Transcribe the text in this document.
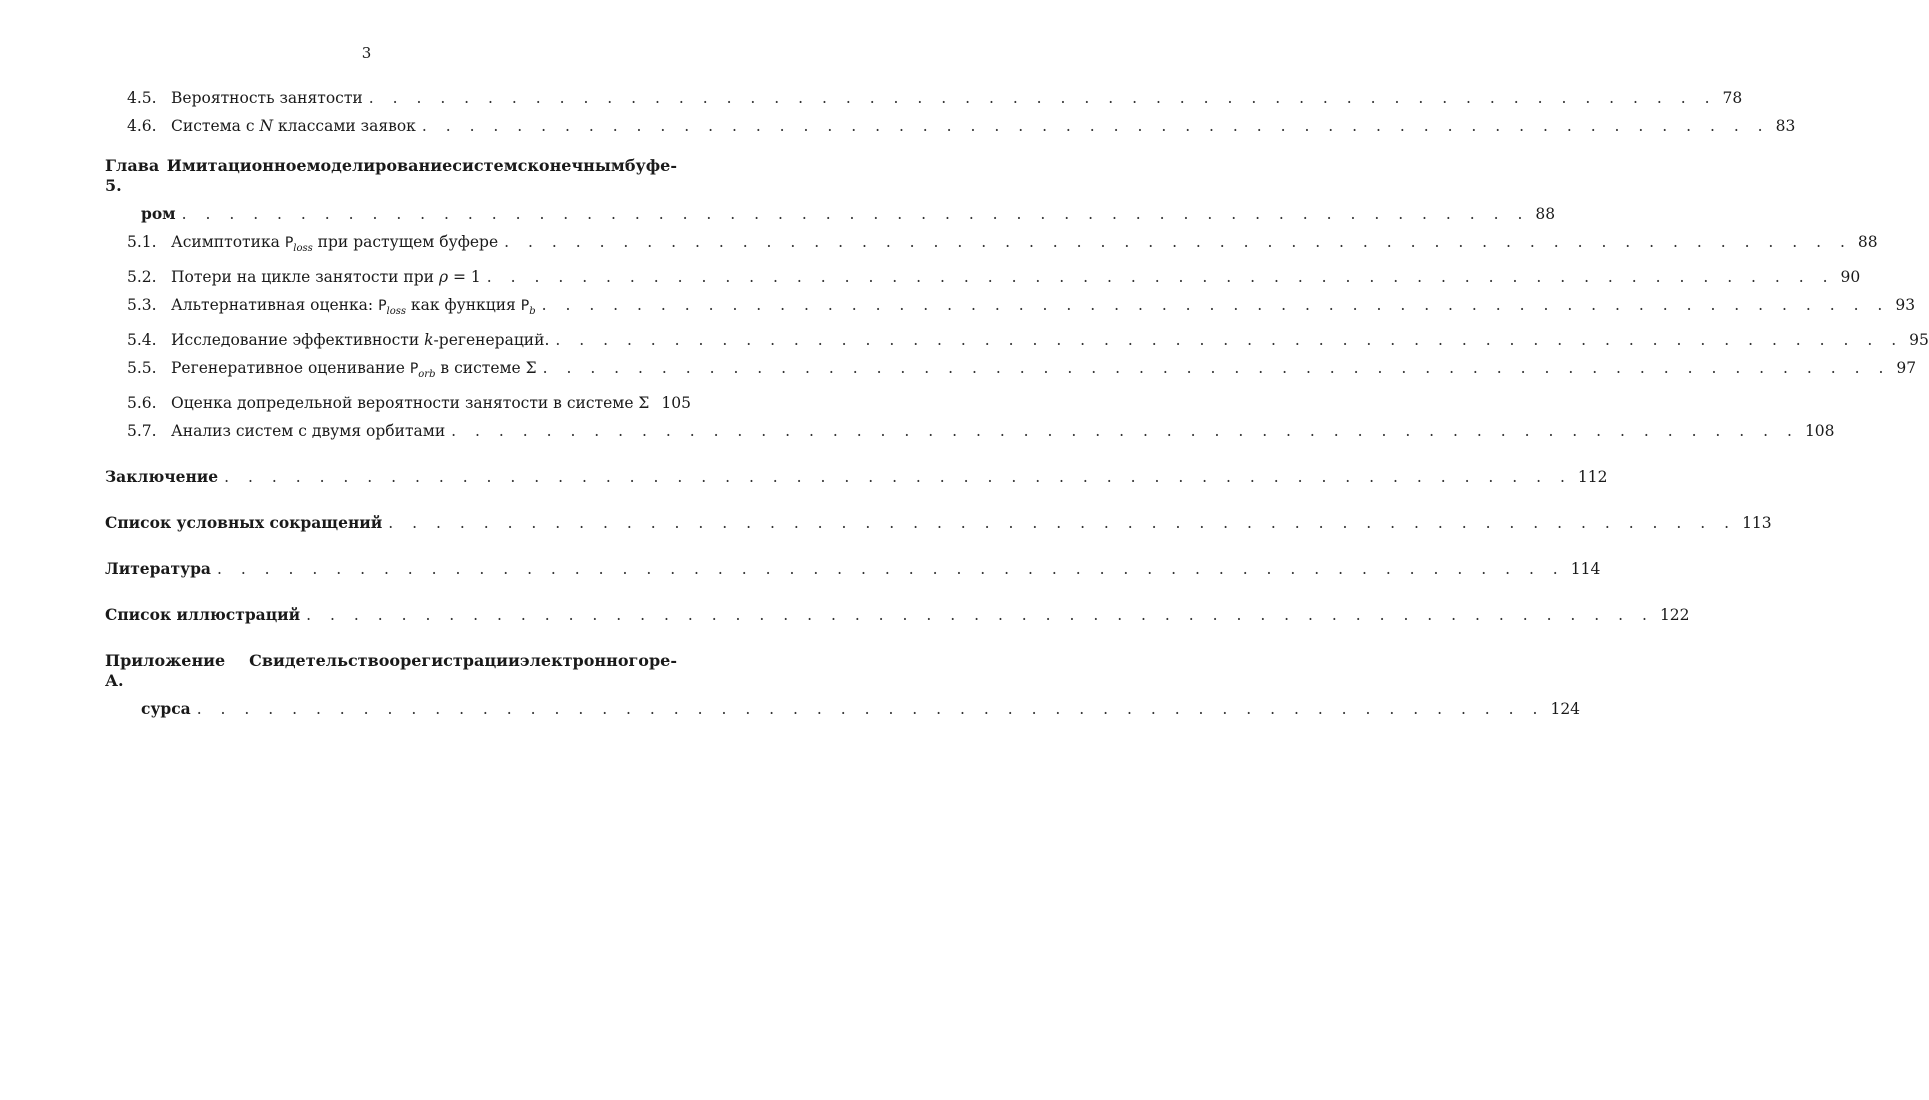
3
4.5. Вероятность занятости . . . . . . . . . . . . . . . . . . . . . . . . . . . . . . . . . . . . . . . . . . . . . . . . . . . . . . . . . 78
4.6. Система с N классами заявок . . . . . . . . . . . . . . . . . . . . . . . . . . . . . . . . . . . . . . . . . . . . . . . . . . . . . . . . . 83
Глава 5.
Имитационное моделирование систем с конечным буфе-
ром . . . . . . . . . . . . . . . . . . . . . . . . . . . . . . . . . . . . . . . . . . . . . . . . . . . . . . . . . 88
5.1. Асимптотика $P_{loss}$ при растущем буфере . . . . . . . . . . . . . . . . . . . . . . . . . . . . . . . . . . . . . . . . . . . . . . . . . . . . . . . . . 88
5.2. Потери на цикле занятости при ρ = 1 . . . . . . . . . . . . . . . . . . . . . . . . . . . . . . . . . . . . . . . . . . . . . . . . . . . . . . . . . 90
5.3. Альтернативная оценка: $P_{loss}$ как функция $P_b$ . . . . . . . . . . . . . . . . . . . . . . . . . . . . . . . . . . . . . . . . . . . . . . . . . . . . . . . . . 93
5.4. Исследование эффективности k-регенераций. . . . . . . . . . . . . . . . . . . . . . . . . . . . . . . . . . . . . . . . . . . . . . . . . . . . . . . . . . 95
5.5. Регенеративное оценивание $P_{orb}$ в системе Σ . . . . . . . . . . . . . . . . . . . . . . . . . . . . . . . . . . . . . . . . . . . . . . . . . . . . . . . . . 97
5.6. Оценка допредельной вероятности занятости в системе Σ 105
5.7. Анализ систем с двумя орбитами . . . . . . . . . . . . . . . . . . . . . . . . . . . . . . . . . . . . . . . . . . . . . . . . . . . . . . . . . 108
Заключение . . . . . . . . . . . . . . . . . . . . . . . . . . . . . . . . . . . . . . . . . . . . . . . . . . . . . . . . . 112
Список условных сокращений . . . . . . . . . . . . . . . . . . . . . . . . . . . . . . . . . . . . . . . . . . . . . . . . . . . . . . . . . 113
Литература . . . . . . . . . . . . . . . . . . . . . . . . . . . . . . . . . . . . . . . . . . . . . . . . . . . . . . . . . 114
Список иллюстраций . . . . . . . . . . . . . . . . . . . . . . . . . . . . . . . . . . . . . . . . . . . . . . . . . . . . . . . . . 122
Приложение А.
Свидетельство о регистрации электронного ре-
сурса . . . . . . . . . . . . . . . . . . . . . . . . . . . . . . . . . . . . . . . . . . . . . . . . . . . . . . . . . 124
